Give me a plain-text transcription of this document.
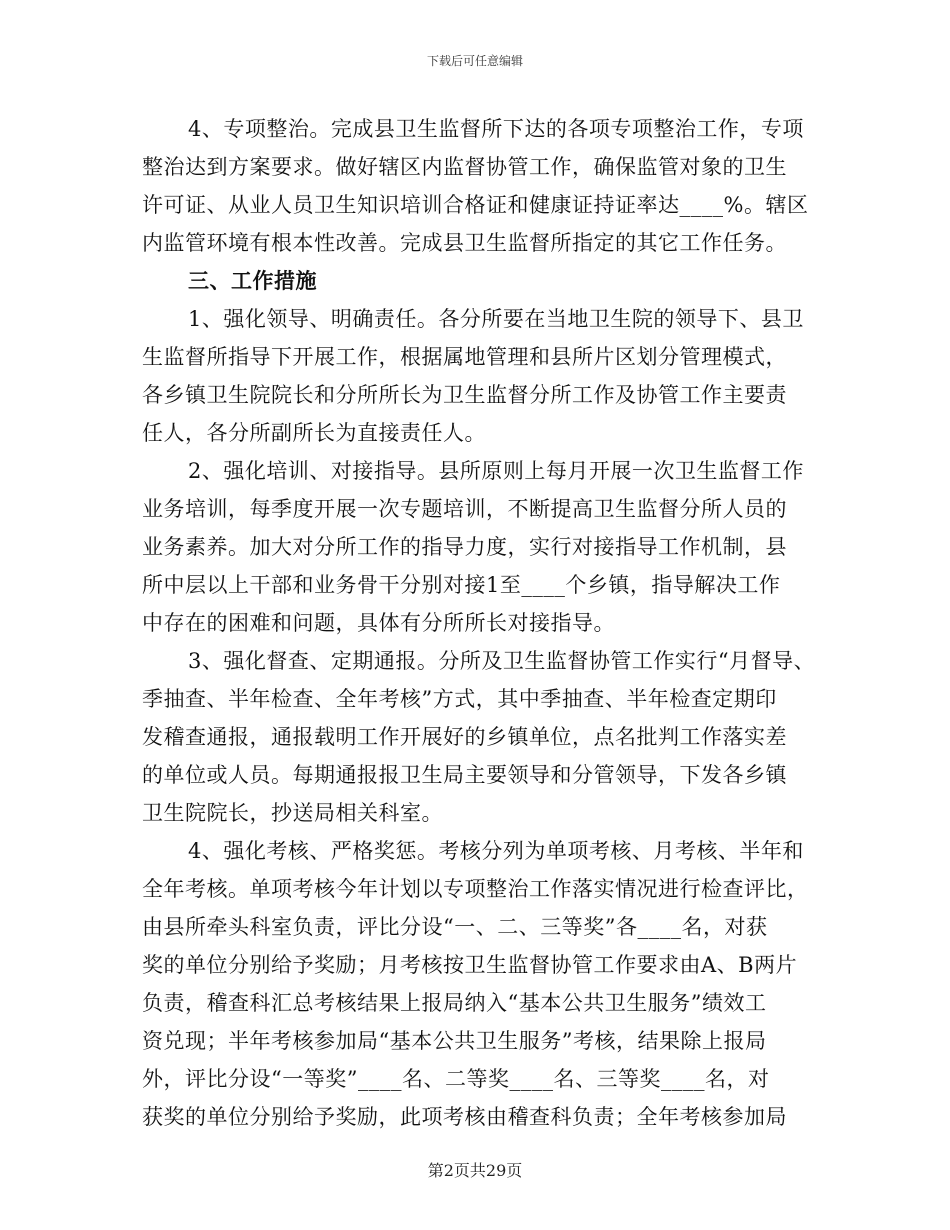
下载后可任意编辑
4、专项整治。完成县卫生监督所下达的各项专项整治工作，专项
整治达到方案要求。做好辖区内监督协管工作，确保监管对象的卫生
许可证、从业人员卫生知识培训合格证和健康证持证率达____%。辖区
内监管环境有根本性改善。完成县卫生监督所指定的其它工作任务。
三、工作措施
1、强化领导、明确责任。各分所要在当地卫生院的领导下、县卫
生监督所指导下开展工作，根据属地管理和县所片区划分管理模式，
各乡镇卫生院院长和分所所长为卫生监督分所工作及协管工作主要责
任人，各分所副所长为直接责任人。
2、强化培训、对接指导。县所原则上每月开展一次卫生监督工作
业务培训，每季度开展一次专题培训，不断提高卫生监督分所人员的
业务素养。加大对分所工作的指导力度，实行对接指导工作机制，县
所中层以上干部和业务骨干分别对接1至____个乡镇，指导解决工作
中存在的困难和问题，具体有分所所长对接指导。
3、强化督查、定期通报。分所及卫生监督协管工作实行“月督导、
季抽查、半年检查、全年考核”方式，其中季抽查、半年检查定期印
发稽查通报，通报载明工作开展好的乡镇单位，点名批判工作落实差
的单位或人员。每期通报报卫生局主要领导和分管领导，下发各乡镇
卫生院院长，抄送局相关科室。
4、强化考核、严格奖惩。考核分列为单项考核、月考核、半年和
全年考核。单项考核今年计划以专项整治工作落实情况进行检查评比，
由县所牵头科室负责，评比分设“一、二、三等奖”各____名，对获
奖的单位分别给予奖励；月考核按卫生监督协管工作要求由A、B两片
负责，稽查科汇总考核结果上报局纳入“基本公共卫生服务”绩效工
资兑现；半年考核参加局“基本公共卫生服务”考核，结果除上报局
外，评比分设“一等奖”____名、二等奖____名、三等奖____名，对
获奖的单位分别给予奖励，此项考核由稽查科负责；全年考核参加局
第2页共29页
